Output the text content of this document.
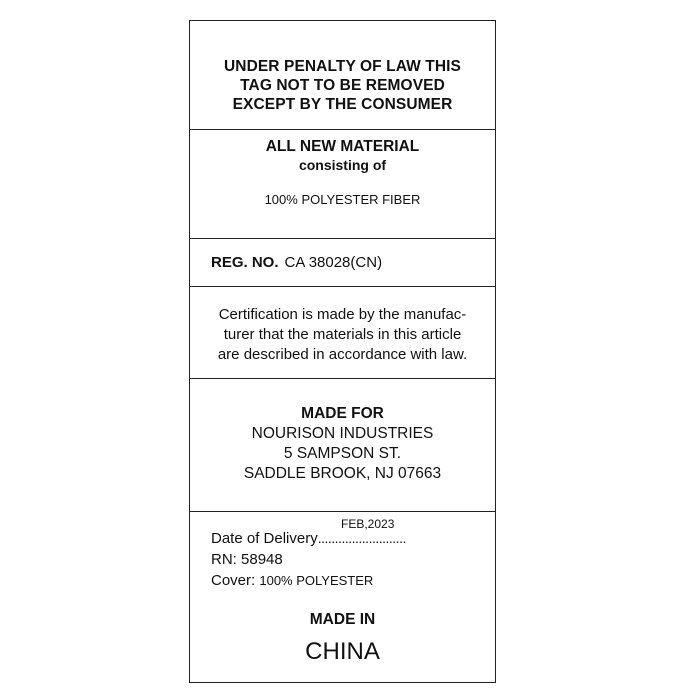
UNDER PENALTY OF LAW THIS
TAG NOT TO BE REMOVED
EXCEPT BY THE CONSUMER
ALL NEW MATERIAL
consisting of
100% POLYESTER FIBER
REG. NO. CA 38028(CN)
Certification is made by the manufac-
turer that the materials in this article
are described in accordance with law.
MADE FOR
NOURISON INDUSTRIES
5 SAMPSON ST.
SADDLE BROOK, NJ 07663
FEB,2023
Date of Delivery..........................
RN: 58948
Cover: 100% POLYESTER
MADE IN
CHINA
